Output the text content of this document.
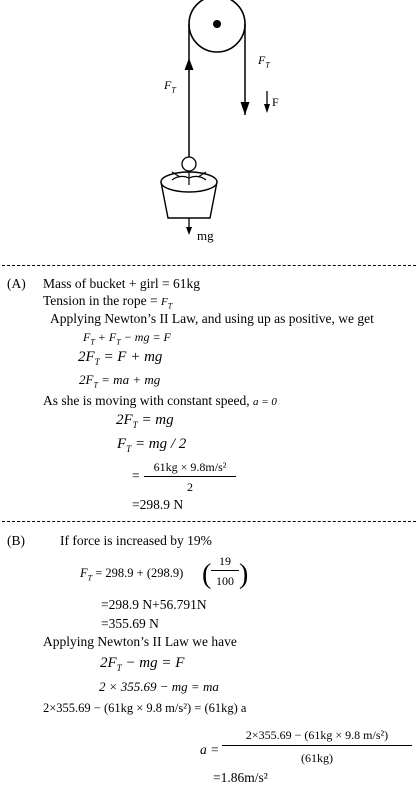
$F_T$
$F_T$
F
mg
(A) Mass of bucket + girl = 61kg
Tension in the rope = $F_T$
Applying Newton’s II Law, and using up as positive, we get
$F_T + F_T$ − mg = F
$2F_T = F$ + mg
$2F_T$ = ma + mg
As she is moving with constant speed, a = 0
$2F_T$ = mg
$F_T$ = mg / 2
=
61kg × 9.8m/s²
2
=298.9 N
(B)	If force is increased by 19%
$F_T = 298.9 + (298.9)$ ( 19
100 )
=298.9 N+56.791N
=355.69 N
Applying Newton’s II Law we have
$2F_T$ − mg = F
2 × 355.69 − mg = ma
2×355.69 − (61kg × 9.8 m/s²) = (61kg) a
a =
2×355.69 − (61kg × 9.8 m/s²)
(61kg)
=1.86m/s²
